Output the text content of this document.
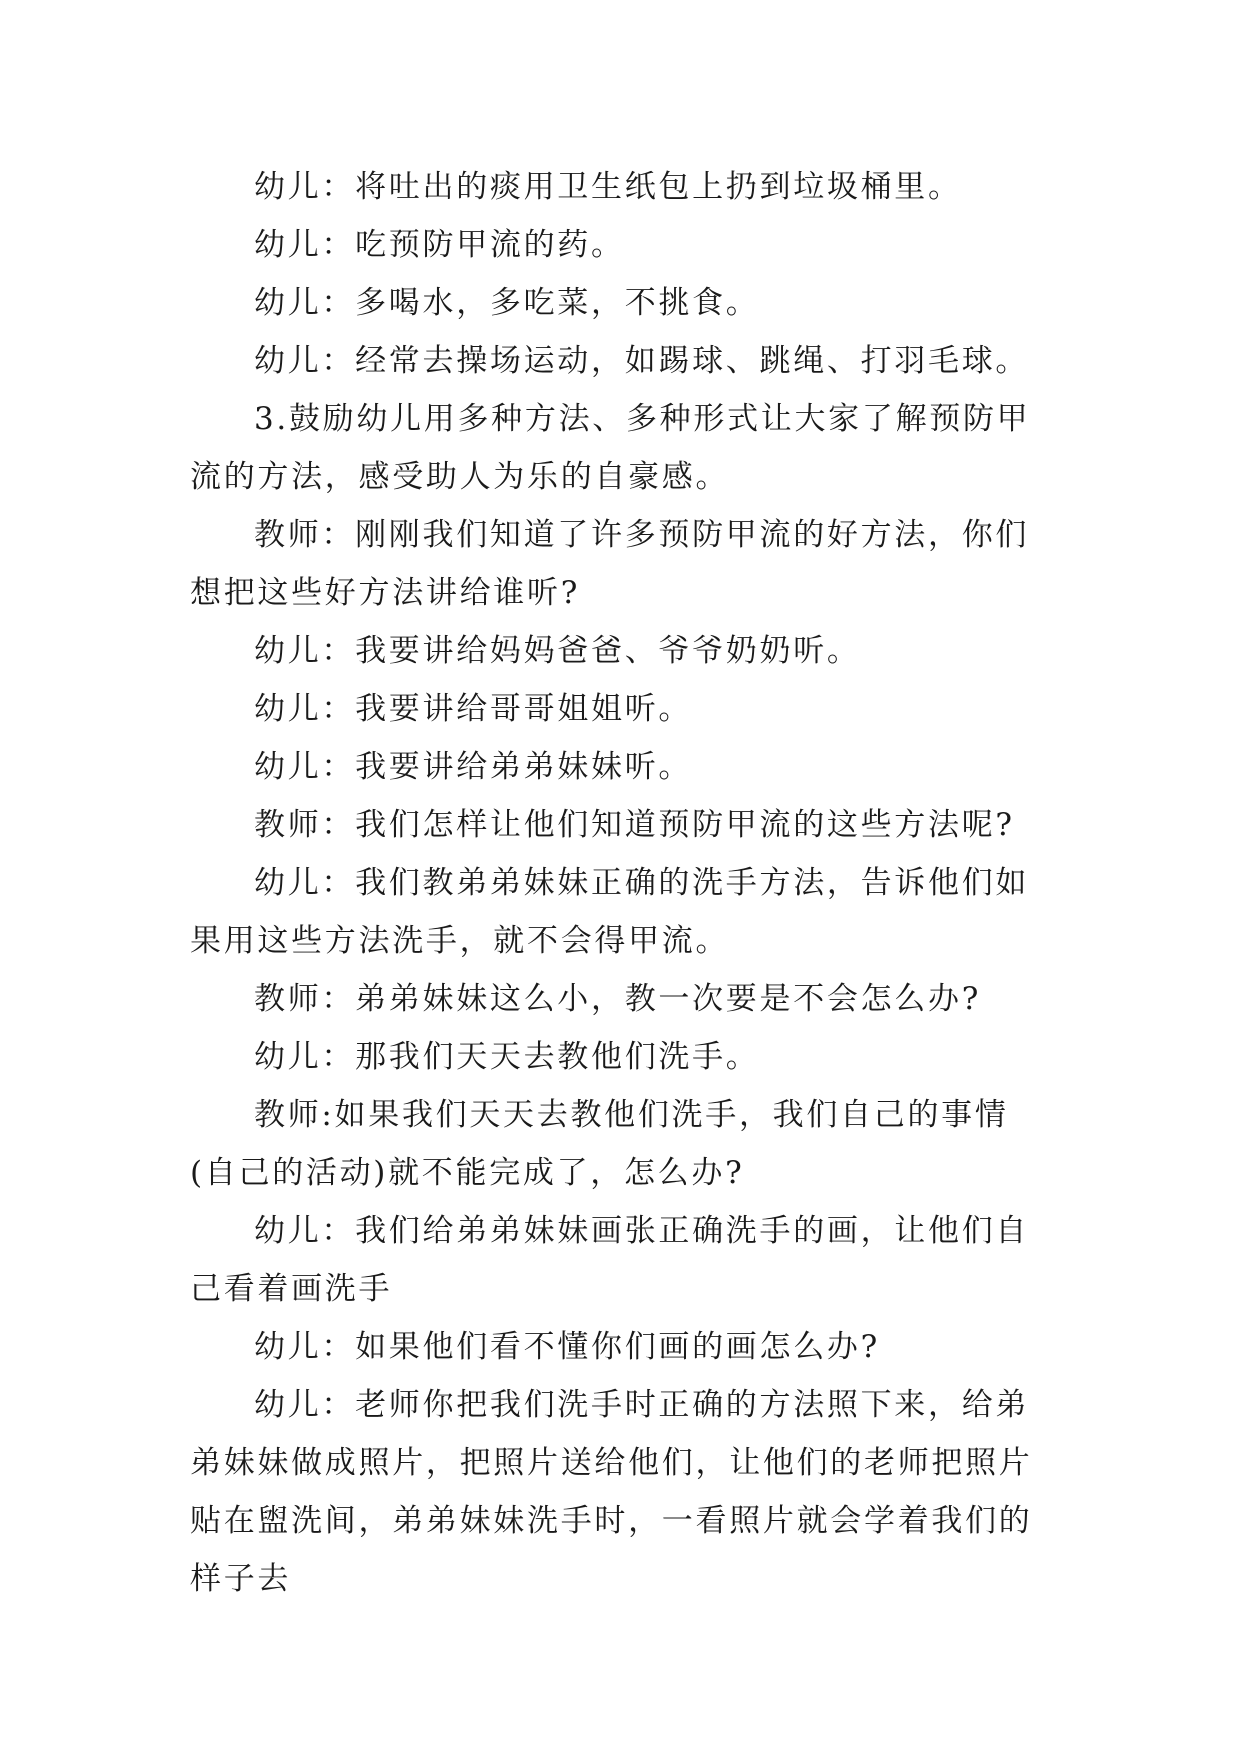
幼儿：将吐出的痰用卫生纸包上扔到垃圾桶里。

幼儿：吃预防甲流的药。

幼儿：多喝水，多吃菜，不挑食。

幼儿：经常去操场运动，如踢球、跳绳、打羽毛球。

3.鼓励幼儿用多种方法、多种形式让大家了解预防甲流的方法，感受助人为乐的自豪感。

教师：刚刚我们知道了许多预防甲流的好方法，你们想把这些好方法讲给谁听?

幼儿：我要讲给妈妈爸爸、爷爷奶奶听。

幼儿：我要讲给哥哥姐姐听。

幼儿：我要讲给弟弟妹妹听。

教师：我们怎样让他们知道预防甲流的这些方法呢?

幼儿：我们教弟弟妹妹正确的洗手方法，告诉他们如果用这些方法洗手，就不会得甲流。

教师：弟弟妹妹这么小，教一次要是不会怎么办?

幼儿：那我们天天去教他们洗手。

教师:如果我们天天去教他们洗手，我们自己的事情(自己的活动)就不能完成了，怎么办?

幼儿：我们给弟弟妹妹画张正确洗手的画，让他们自己看着画洗手

幼儿：如果他们看不懂你们画的画怎么办?

幼儿：老师你把我们洗手时正确的方法照下来，给弟弟妹妹做成照片，把照片送给他们，让他们的老师把照片贴在盥洗间，弟弟妹妹洗手时，一看照片就会学着我们的样子去
